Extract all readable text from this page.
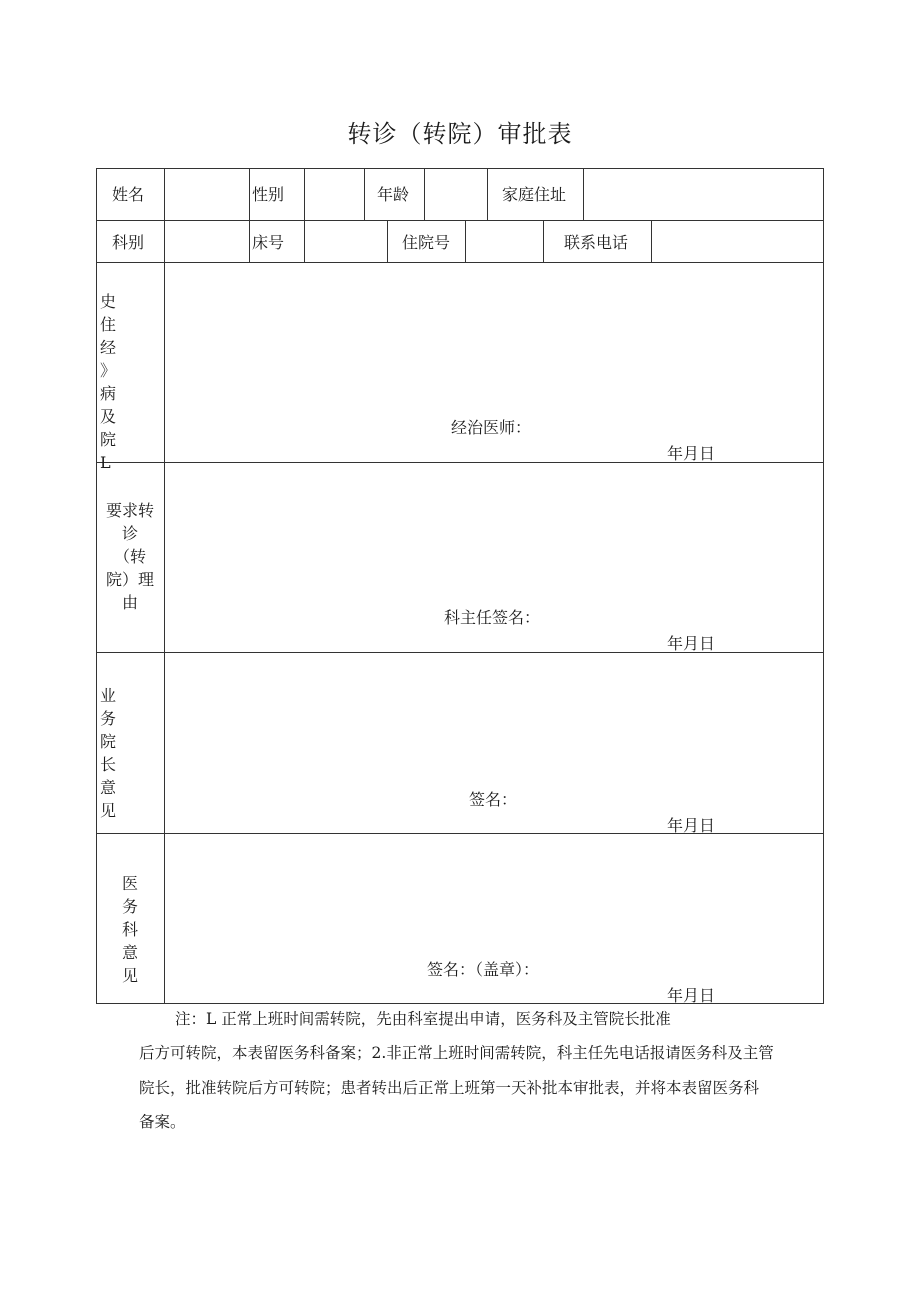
转诊（转院）审批表
姓名	性别	年龄	家庭住址
科别	床号	住院号	联系电话
史
住
经
》
病
及
院
L
经治医师：
年月日
要求转
诊
（转
院）理
由
科主任签名：
年月日
业
务
院
长
意
见
签名：
年月日
医
务
科
意
见	签名：（盖章）：
年月日
注：L 正常上班时间需转院，先由科室提出申请，医务科及主管院长批准
后方可转院，本表留医务科备案；2.非正常上班时间需转院，科主任先电话报请医务科及主管
院长，批准转院后方可转院；患者转出后正常上班第一天补批本审批表，并将本表留医务科
备案。
